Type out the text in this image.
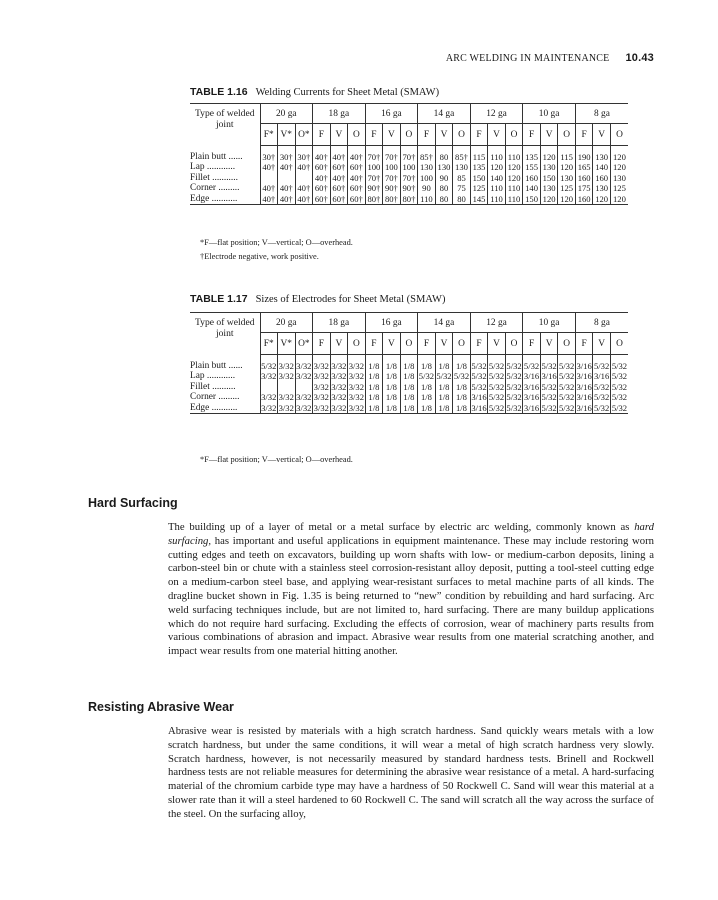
ARC WELDING IN MAINTENANCE 10.43
TABLE 1.16 Welding Currents for Sheet Metal (SMAW)
Type of welded joint	20 ga			18 ga			16 ga			14 ga			12 ga			10 ga			8 ga		
	F*	V*	O*	F	V	O	F	V	O	F	V	O	F	V	O	F	V	O	F	V	O

Plain butt ......	30†	30†	30†	40†	40†	40†	70†	70†	70†	85†	80	85†	115	110	110	135	120	115	190	130	120
Lap ............	40†	40†	40†	60†	60†	60†	100	100	100	130	130	130	135	120	120	155	130	120	165	140	120
Fillet ...........				40†	40†	40†	70†	70†	70†	100	90	85	150	140	120	160	150	130	160	160	130
Corner .........	40†	40†	40†	60†	60†	60†	90†	90†	90†	90	80	75	125	110	110	140	130	125	175	130	125
Edge ...........	40†	40†	40†	60†	60†	60†	80†	80†	80†	110	80	80	145	110	110	150	120	120	160	120	120
*F—flat position; V—vertical; O—overhead.
†Electrode negative, work positive.
TABLE 1.17 Sizes of Electrodes for Sheet Metal (SMAW)
Type of welded joint	20 ga			18 ga			16 ga			14 ga			12 ga			10 ga			8 ga		
	F*	V*	O*	F	V	O	F	V	O	F	V	O	F	V	O	F	V	O	F	V	O

Plain butt ......	5/32	3/32	3/32	3/32	3/32	3/32	1/8	1/8	1/8	1/8	1/8	1/8	5/32	5/32	5/32	5/32	5/32	5/32	3/16	5/32	5/32
Lap ............	3/32	3/32	3/32	3/32	3/32	3/32	1/8	1/8	1/8	5/32	5/32	5/32	5/32	5/32	5/32	3/16	3/16	5/32	3/16	3/16	5/32
Fillet ..........				3/32	3/32	3/32	1/8	1/8	1/8	1/8	1/8	1/8	5/32	5/32	5/32	3/16	5/32	5/32	3/16	5/32	5/32
Corner .........	3/32	3/32	3/32	3/32	3/32	3/32	1/8	1/8	1/8	1/8	1/8	1/8	3/16	5/32	5/32	3/16	5/32	5/32	3/16	5/32	5/32
Edge ...........	3/32	3/32	3/32	3/32	3/32	3/32	1/8	1/8	1/8	1/8	1/8	1/8	3/16	5/32	5/32	3/16	5/32	5/32	3/16	5/32	5/32
*F—flat position; V—vertical; O—overhead.
Hard Surfacing
The building up of a layer of metal or a metal surface by electric arc welding, commonly known as hard surfacing, has important and useful applications in equipment maintenance. These may include restoring worn cutting edges and teeth on excavators, building up worn shafts with low- or medium-carbon deposits, lining a carbon-steel bin or chute with a stainless steel corrosion-resistant alloy deposit, putting a tool-steel cutting edge on a medium-carbon steel base, and applying wear-resistant surfaces to metal machine parts of all kinds. The dragline bucket shown in Fig. 1.35 is being returned to “new” condition by rebuilding and hard surfacing. Arc weld surfacing techniques include, but are not limited to, hard surfacing. There are many buildup applications which do not require hard surfacing. Excluding the effects of corrosion, wear of machinery parts results from various combinations of abrasion and impact. Abrasive wear results from one material scratching another, and impact wear results from one material hitting another.
Resisting Abrasive Wear
Abrasive wear is resisted by materials with a high scratch hardness. Sand quickly wears metals with a low scratch hardness, but under the same conditions, it will wear a metal of high scratch hardness very slowly. Scratch hardness, however, is not necessarily measured by standard hardness tests. Brinell and Rockwell hardness tests are not reliable measures for determining the abrasive wear resistance of a metal. A hard-surfacing material of the chromium carbide type may have a hardness of 50 Rockwell C. Sand will wear this material at a slower rate than it will a steel hardened to 60 Rockwell C. The sand will scratch all the way across the surface of the steel. On the surfacing alloy,
